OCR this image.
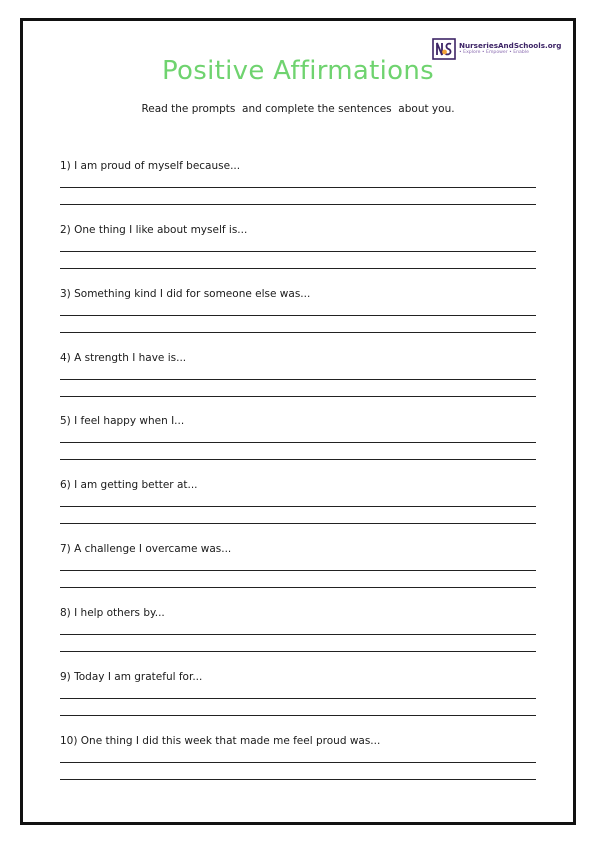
NurseriesAndSchools.org
• Explore • Empower • Enable
Positive Affirmations
Read the prompts  and complete the sentences  about you.
1) I am proud of myself because...
2) One thing I like about myself is...
3) Something kind I did for someone else was...
4) A strength I have is...
5) I feel happy when I...
6) I am getting better at...
7) A challenge I overcame was...
8) I help others by...
9) Today I am grateful for...
10) One thing I did this week that made me feel proud was...
